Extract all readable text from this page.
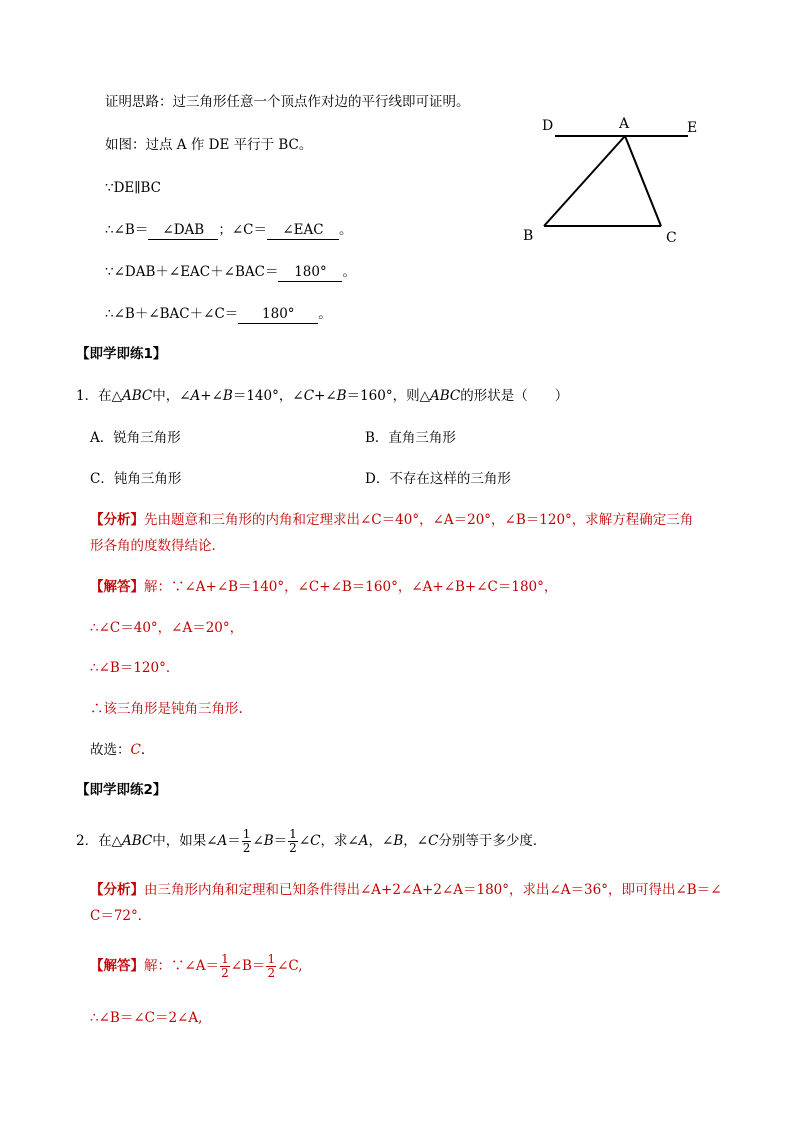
证明思路：过三角形任意一个顶点作对边的平行线即可证明。
如图：过点 A 作 DE 平行于 BC。
∵DE∥BC
∴∠B＝ ∠DAB ；∠C＝ ∠EAC 。
∵∠DAB＋∠EAC＋∠BAC＝ 180° 。
∴∠B＋∠BAC＋∠C＝ 180° 。
D	A	E
B	C
【即学即练1】
1．在△ABC中，∠A+∠B＝140°，∠C+∠B＝160°，则△ABC的形状是（　　）
A．锐角三角形	B．直角三角形
C．钝角三角形	D．不存在这样的三角形
【分析】先由题意和三角形的内角和定理求出∠C＝40°，∠A＝20°，∠B＝120°，求解方程确定三角
形各角的度数得结论．
【解答】解：∵∠A+∠B＝140°，∠C+∠B＝160°，∠A+∠B+∠C＝180°，
∴∠C＝40°，∠A＝20°，
∴∠B＝120°．
∴该三角形是钝角三角形.
故选：C．
【即学即练2】
2．在△ABC中，如果∠A＝ $\frac{1}{2}$ ∠B＝ $\frac{1}{2}$ ∠C，求∠A，∠B，∠C分别等于多少度．
【分析】由三角形内角和定理和已知条件得出∠A+2∠A+2∠A＝180°，求出∠A＝36°，即可得出∠B＝∠
C＝72°．
【解答】解：∵∠A＝ $\frac{1}{2}$ ∠B＝ $\frac{1}{2}$ ∠C,
∴∠B＝∠C＝2∠A,
